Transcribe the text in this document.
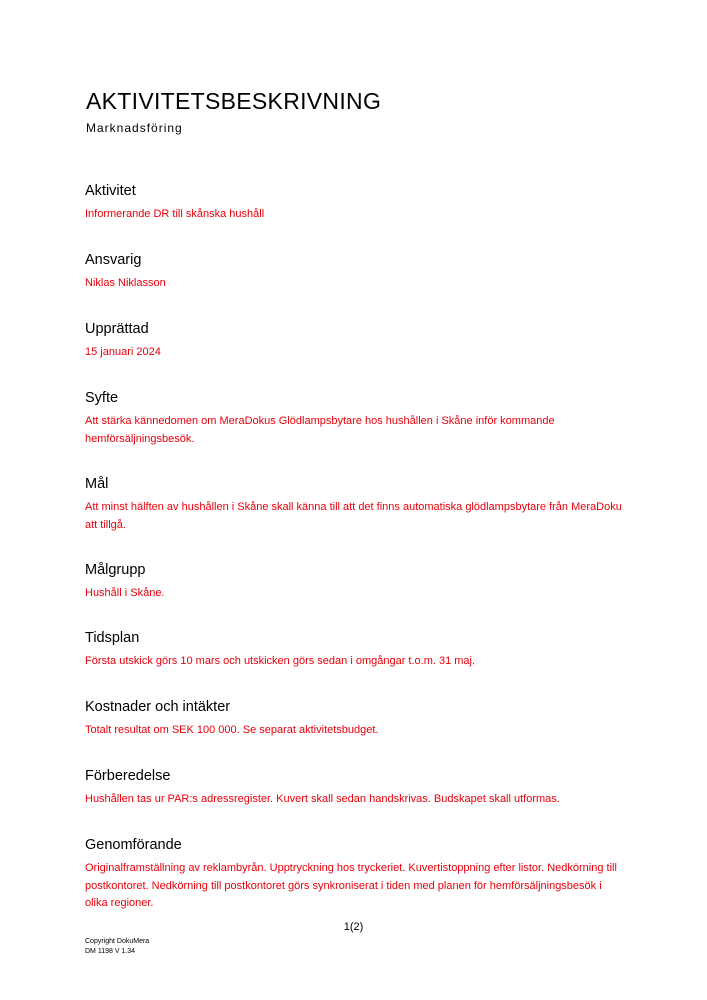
AKTIVITETSBESKRIVNING
Marknadsföring
Aktivitet

Informerande DR till skånska hushåll

Ansvarig

Niklas Niklasson

Upprättad

15 januari 2024

Syfte

Att stärka kännedomen om MeraDokus Glödlampsbytare hos hushållen i Skåne inför kommande hemförsäljningsbesök.

Mål

Att minst hälften av hushållen i Skåne skall känna till att det finns automatiska glödlampsbytare från MeraDoku att tillgå.

Målgrupp

Hushåll i Skåne.

Tidsplan

Första utskick görs 10 mars och utskicken görs sedan i omgångar t.o.m. 31 maj.

Kostnader och intäkter

Totalt resultat om SEK 100 000. Se separat aktivitetsbudget.

Förberedelse

Hushållen tas ur PAR:s adressregister. Kuvert skall sedan handskrivas. Budskapet skall utformas.

Genomförande

Originalframställning av reklambyrån. Upptryckning hos tryckeriet. Kuvertistoppning efter listor. Nedkörning till postkontoret. Nedkörning till postkontoret görs synkroniserat i tiden med planen för hemförsäljningsbesök i olika regioner.

1(2)
Copyright DokuMera
DM 1198 V 1.34
